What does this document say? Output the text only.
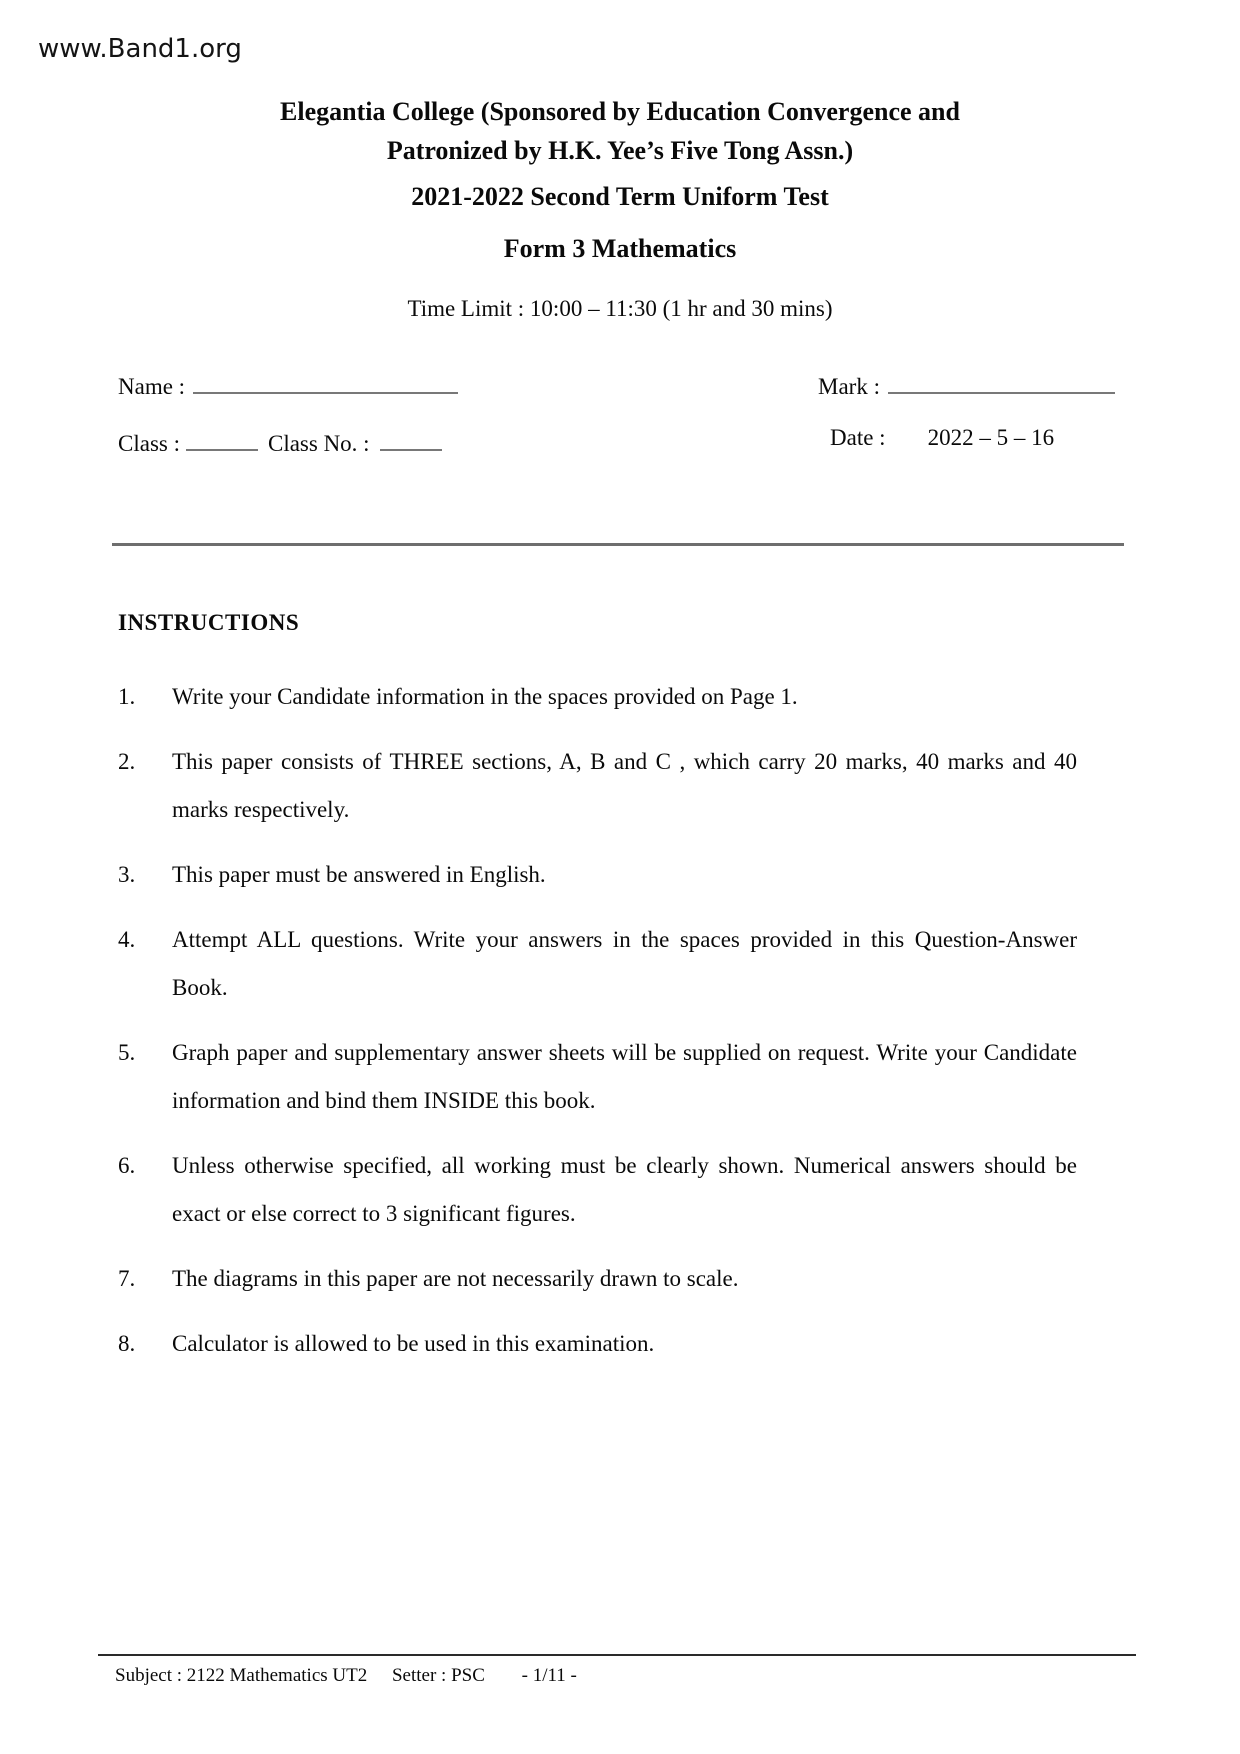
www.Band1.org
Elegantia College (Sponsored by Education Convergence and
Patronized by H.K. Yee’s Five Tong Assn.)
2021-2022 Second Term Uniform Test
Form 3 Mathematics
Time Limit : 10:00 – 11:30 (1 hr and 30 mins)
Name :	Mark :
Class :	Class No. :	Date : 2022 – 5 – 16
INSTRUCTIONS
1.	Write your Candidate information in the spaces provided on Page 1.
2.	This paper consists of THREE sections, A, B and C , which carry 20 marks, 40 marks and 40 marks respectively.
3.	This paper must be answered in English.
4.	Attempt ALL questions. Write your answers in the spaces provided in this Question-Answer Book.
5.	Graph paper and supplementary answer sheets will be supplied on request. Write your Candidate information and bind them INSIDE this book.
6.	Unless otherwise specified, all working must be clearly shown. Numerical answers should be exact or else correct to 3 significant figures.
7.	The diagrams in this paper are not necessarily drawn to scale.
8.	Calculator is allowed to be used in this examination.
Subject : 2122 Mathematics UT2 Setter : PSC - 1/11 -
